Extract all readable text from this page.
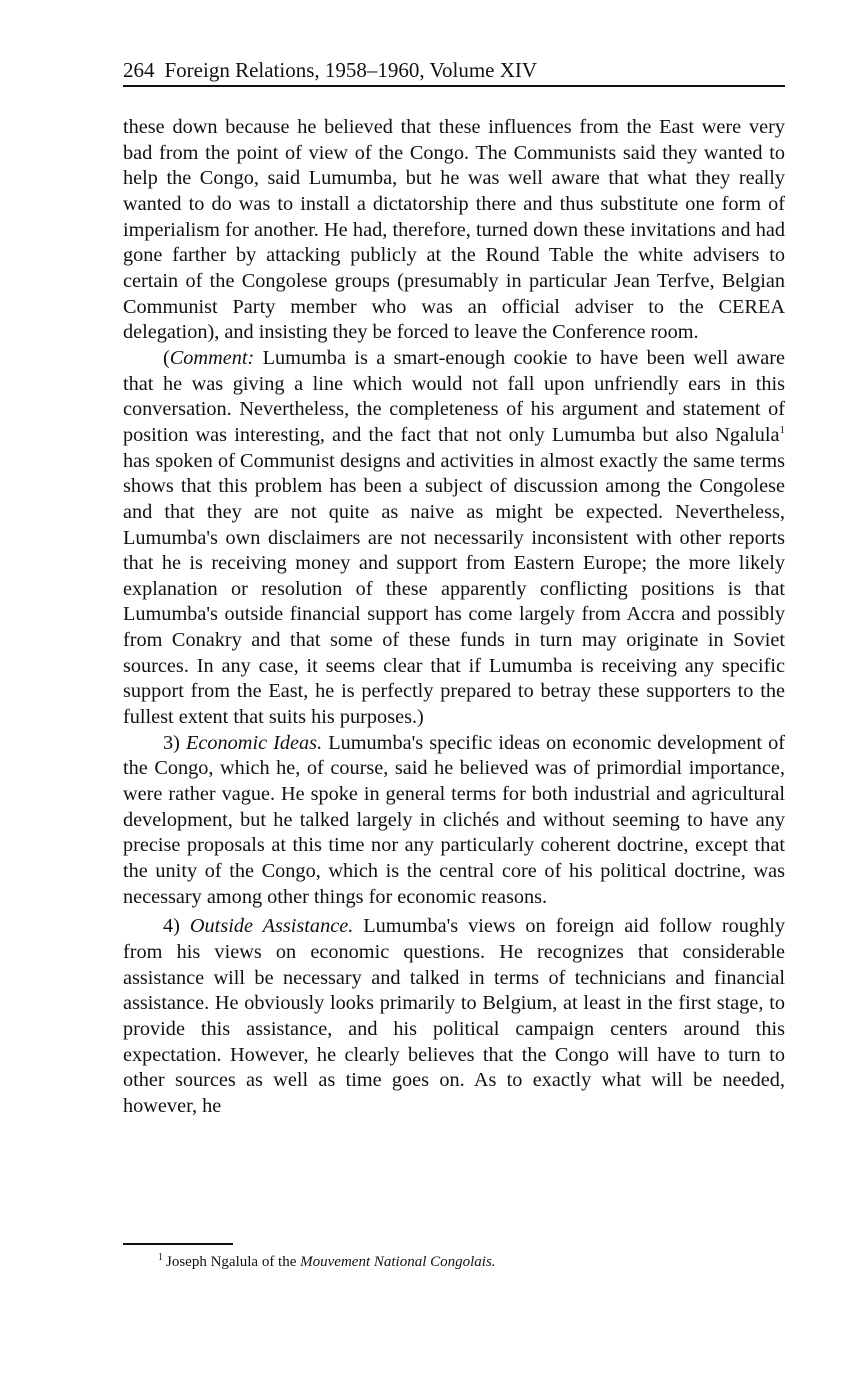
264 Foreign Relations, 1958–1960, Volume XIV

these down because he believed that these influences from the East were very bad from the point of view of the Congo. The Communists said they wanted to help the Congo, said Lumumba, but he was well aware that what they really wanted to do was to install a dictatorship there and thus substitute one form of imperialism for another. He had, therefore, turned down these invitations and had gone farther by attacking publicly at the Round Table the white advisers to certain of the Congolese groups (presumably in particular Jean Terfve, Belgian Communist Party member who was an official adviser to the CEREA delegation), and insisting they be forced to leave the Conference room.

(Comment: Lumumba is a smart-enough cookie to have been well aware that he was giving a line which would not fall upon unfriendly ears in this conversation. Nevertheless, the completeness of his argument and statement of position was interesting, and the fact that not only Lumumba but also Ngalula$^1$ has spoken of Communist designs and activities in almost exactly the same terms shows that this problem has been a subject of discussion among the Congolese and that they are not quite as naive as might be expected. Nevertheless, Lumumba's own disclaimers are not necessarily inconsistent with other reports that he is receiving money and support from Eastern Europe; the more likely explanation or resolution of these apparently conflicting positions is that Lumumba's outside financial support has come largely from Accra and possibly from Conakry and that some of these funds in turn may originate in Soviet sources. In any case, it seems clear that if Lumumba is receiving any specific support from the East, he is perfectly prepared to betray these supporters to the fullest extent that suits his purposes.)

3) Economic Ideas. Lumumba's specific ideas on economic development of the Congo, which he, of course, said he believed was of primordial importance, were rather vague. He spoke in general terms for both industrial and agricultural development, but he talked largely in clichés and without seeming to have any precise proposals at this time nor any particularly coherent doctrine, except that the unity of the Congo, which is the central core of his political doctrine, was necessary among other things for economic reasons.

4) Outside Assistance. Lumumba's views on foreign aid follow roughly from his views on economic questions. He recognizes that considerable assistance will be necessary and talked in terms of technicians and financial assistance. He obviously looks primarily to Belgium, at least in the first stage, to provide this assistance, and his political campaign centers around this expectation. However, he clearly believes that the Congo will have to turn to other sources as well as time goes on. As to exactly what will be needed, however, he

$^1$ Joseph Ngalula of the Mouvement National Congolais.
